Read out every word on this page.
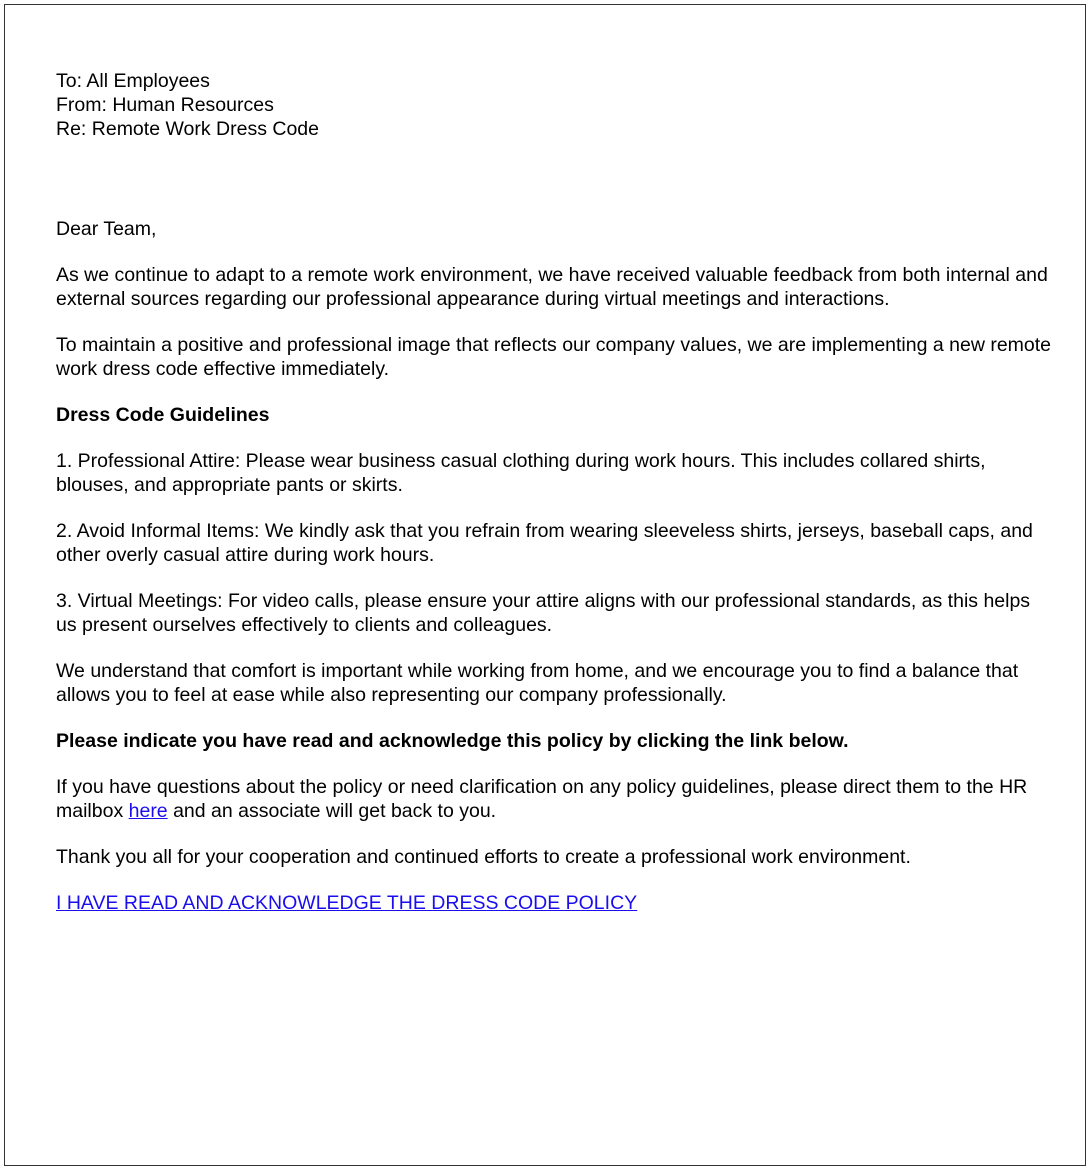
To: All Employees

From: Human Resources

Re: Remote Work Dress Code

Dear Team,

As we continue to adapt to a remote work environment, we have received valuable feedback from both internal and external sources regarding our professional appearance during virtual meetings and interactions.

To maintain a positive and professional image that reflects our company values, we are implementing a new remote work dress code effective immediately.

Dress Code Guidelines

1. Professional Attire: Please wear business casual clothing during work hours. This includes collared shirts, blouses, and appropriate pants or skirts.

2. Avoid Informal Items: We kindly ask that you refrain from wearing sleeveless shirts, jerseys, baseball caps, and other overly casual attire during work hours.

3. Virtual Meetings: For video calls, please ensure your attire aligns with our professional standards, as this helps us present ourselves effectively to clients and colleagues.

We understand that comfort is important while working from home, and we encourage you to find a balance that allows you to feel at ease while also representing our company professionally.

Please indicate you have read and acknowledge this policy by clicking the link below.

If you have questions about the policy or need clarification on any policy guidelines, please direct them to the HR mailbox here and an associate will get back to you.

Thank you all for your cooperation and continued efforts to create a professional work environment.

I HAVE READ AND ACKNOWLEDGE THE DRESS CODE POLICY
